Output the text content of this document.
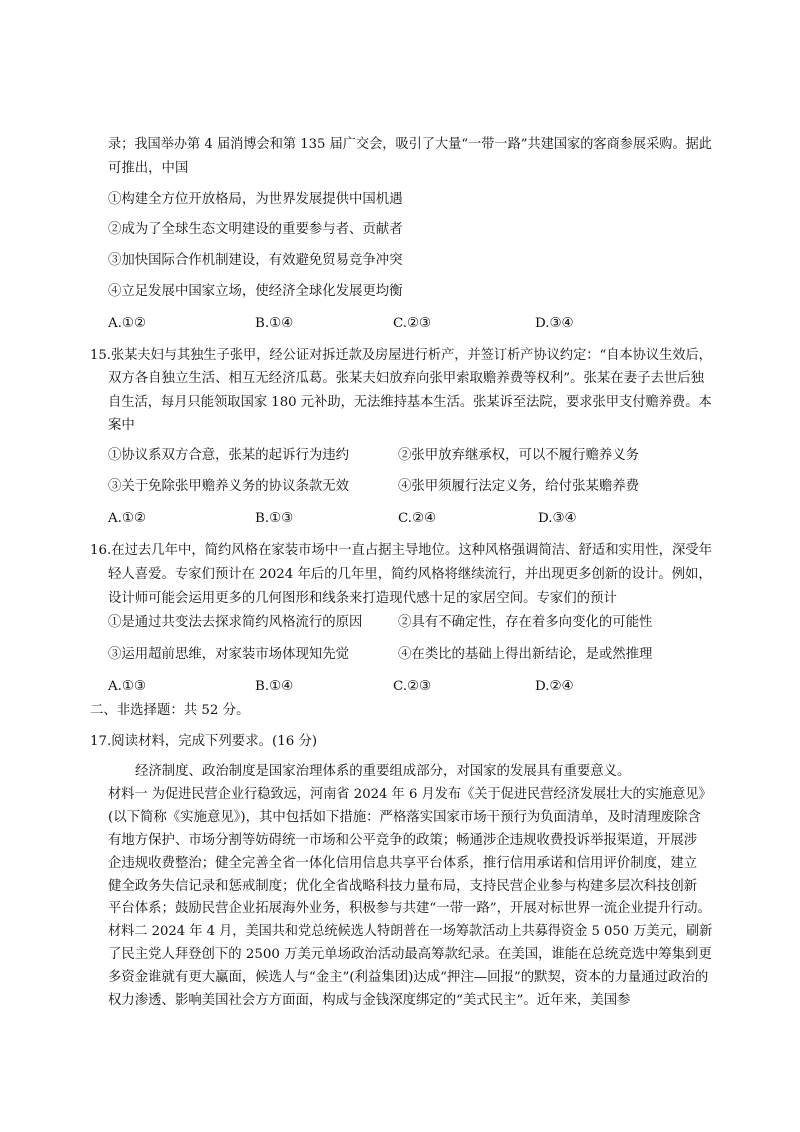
录；我国举办第 4 届消博会和第 135 届广交会，吸引了大量“一带一路”共建国家的客商参展采购。据此
可推出，中国
①构建全方位开放格局，为世界发展提供中国机遇
②成为了全球生态文明建设的重要参与者、贡献者
③加快国际合作机制建设，有效避免贸易竞争冲突
④立足发展中国家立场，使经济全球化发展更均衡
A.①②	B.①④	C.②③	D.③④
15.张某夫妇与其独生子张甲，经公证对拆迁款及房屋进行析产，并签订析产协议约定：“自本协议生效后，
双方各自独立生活、相互无经济瓜葛。张某夫妇放弃向张甲索取赡养费等权利”。张某在妻子去世后独
自生活，每月只能领取国家 180 元补助，无法维持基本生活。张某诉至法院，要求张甲支付赡养费。本
案中
①协议系双方合意，张某的起诉行为违约	②张甲放弃继承权，可以不履行赡养义务
③关于免除张甲赡养义务的协议条款无效	④张甲须履行法定义务，给付张某赡养费
A.①②	B.①③	C.②④	D.③④
16.在过去几年中，简约风格在家装市场中一直占据主导地位。这种风格强调简洁、舒适和实用性，深受年
轻人喜爱。专家们预计在 2024 年后的几年里，简约风格将继续流行，并出现更多创新的设计。例如，
设计师可能会运用更多的几何图形和线条来打造现代感十足的家居空间。专家们的预计
①是通过共变法去探求简约风格流行的原因	②具有不确定性，存在着多向变化的可能性
③运用超前思维，对家装市场体现知先觉	④在类比的基础上得出新结论，是或然推理
A.①③	B.①④	C.②③	D.②④
二、非选择题：共 52 分。
17.阅读材料，完成下列要求。(16 分)
经济制度、政治制度是国家治理体系的重要组成部分，对国家的发展具有重要意义。
材料一 为促进民营企业行稳致远，河南省 2024 年 6 月发布《关于促进民营经济发展壮大的实施意见》
(以下简称《实施意见》)，其中包括如下措施：严格落实国家市场干预行为负面清单，及时清理废除含
有地方保护、市场分割等妨碍统一市场和公平竞争的政策；畅通涉企违规收费投诉举报渠道，开展涉
企违规收费整治；健全完善全省一体化信用信息共享平台体系，推行信用承诺和信用评价制度，建立
健全政务失信记录和惩戒制度；优化全省战略科技力量布局，支持民营企业参与构建多层次科技创新
平台体系；鼓励民营企业拓展海外业务，积极参与共建“一带一路”，开展对标世界一流企业提升行动。
材料二 2024 年 4 月，美国共和党总统候选人特朗普在一场筹款活动上共募得资金 5 050 万美元，刷新
了民主党人拜登创下的 2500 万美元单场政治活动最高筹款纪录。在美国，谁能在总统竞选中筹集到更
多资金谁就有更大赢面，候选人与“金主”(利益集团)达成“押注—回报”的默契，资本的力量通过政治的
权力渗透、影响美国社会方方面面，构成与金钱深度绑定的“美式民主”。近年来，美国参
